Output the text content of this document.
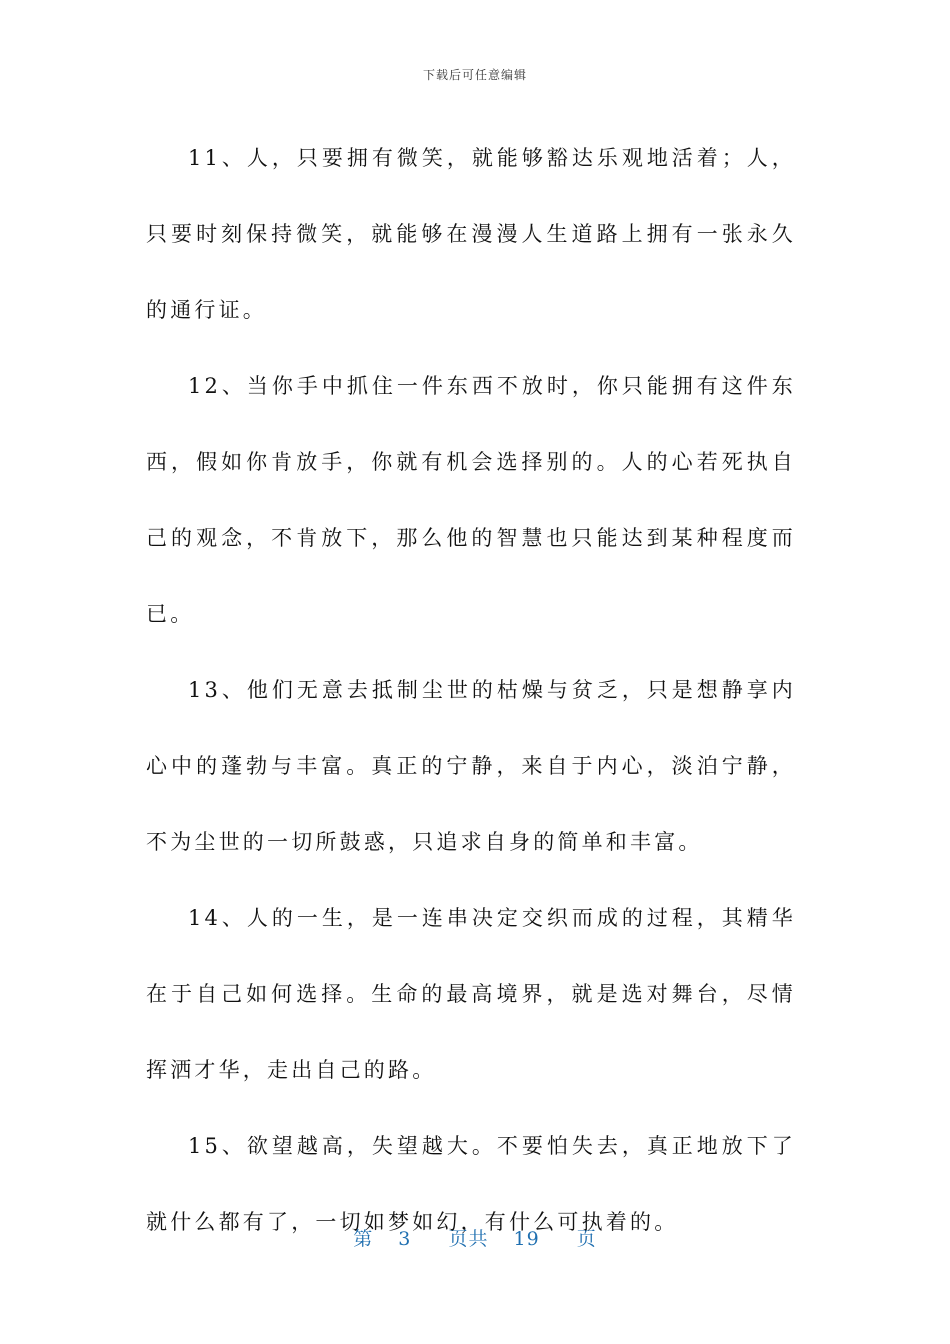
下载后可任意编辑

11、人，只要拥有微笑，就能够豁达乐观地活着；人，只要时刻保持微笑，就能够在漫漫人生道路上拥有一张永久的通行证。

12、当你手中抓住一件东西不放时，你只能拥有这件东西，假如你肯放手，你就有机会选择别的。人的心若死执自己的观念，不肯放下，那么他的智慧也只能达到某种程度而已。

13、他们无意去抵制尘世的枯燥与贫乏，只是想静享内心中的蓬勃与丰富。真正的宁静，来自于内心，淡泊宁静，不为尘世的一切所鼓惑，只追求自身的简单和丰富。

14、人的一生，是一连串决定交织而成的过程，其精华在于自己如何选择。生命的最高境界，就是选对舞台，尽情挥洒才华，走出自己的路。

15、欲望越高，失望越大。不要怕失去，真正地放下了就什么都有了，一切如梦如幻，有什么可执着的。

第 3 页共 19 页
